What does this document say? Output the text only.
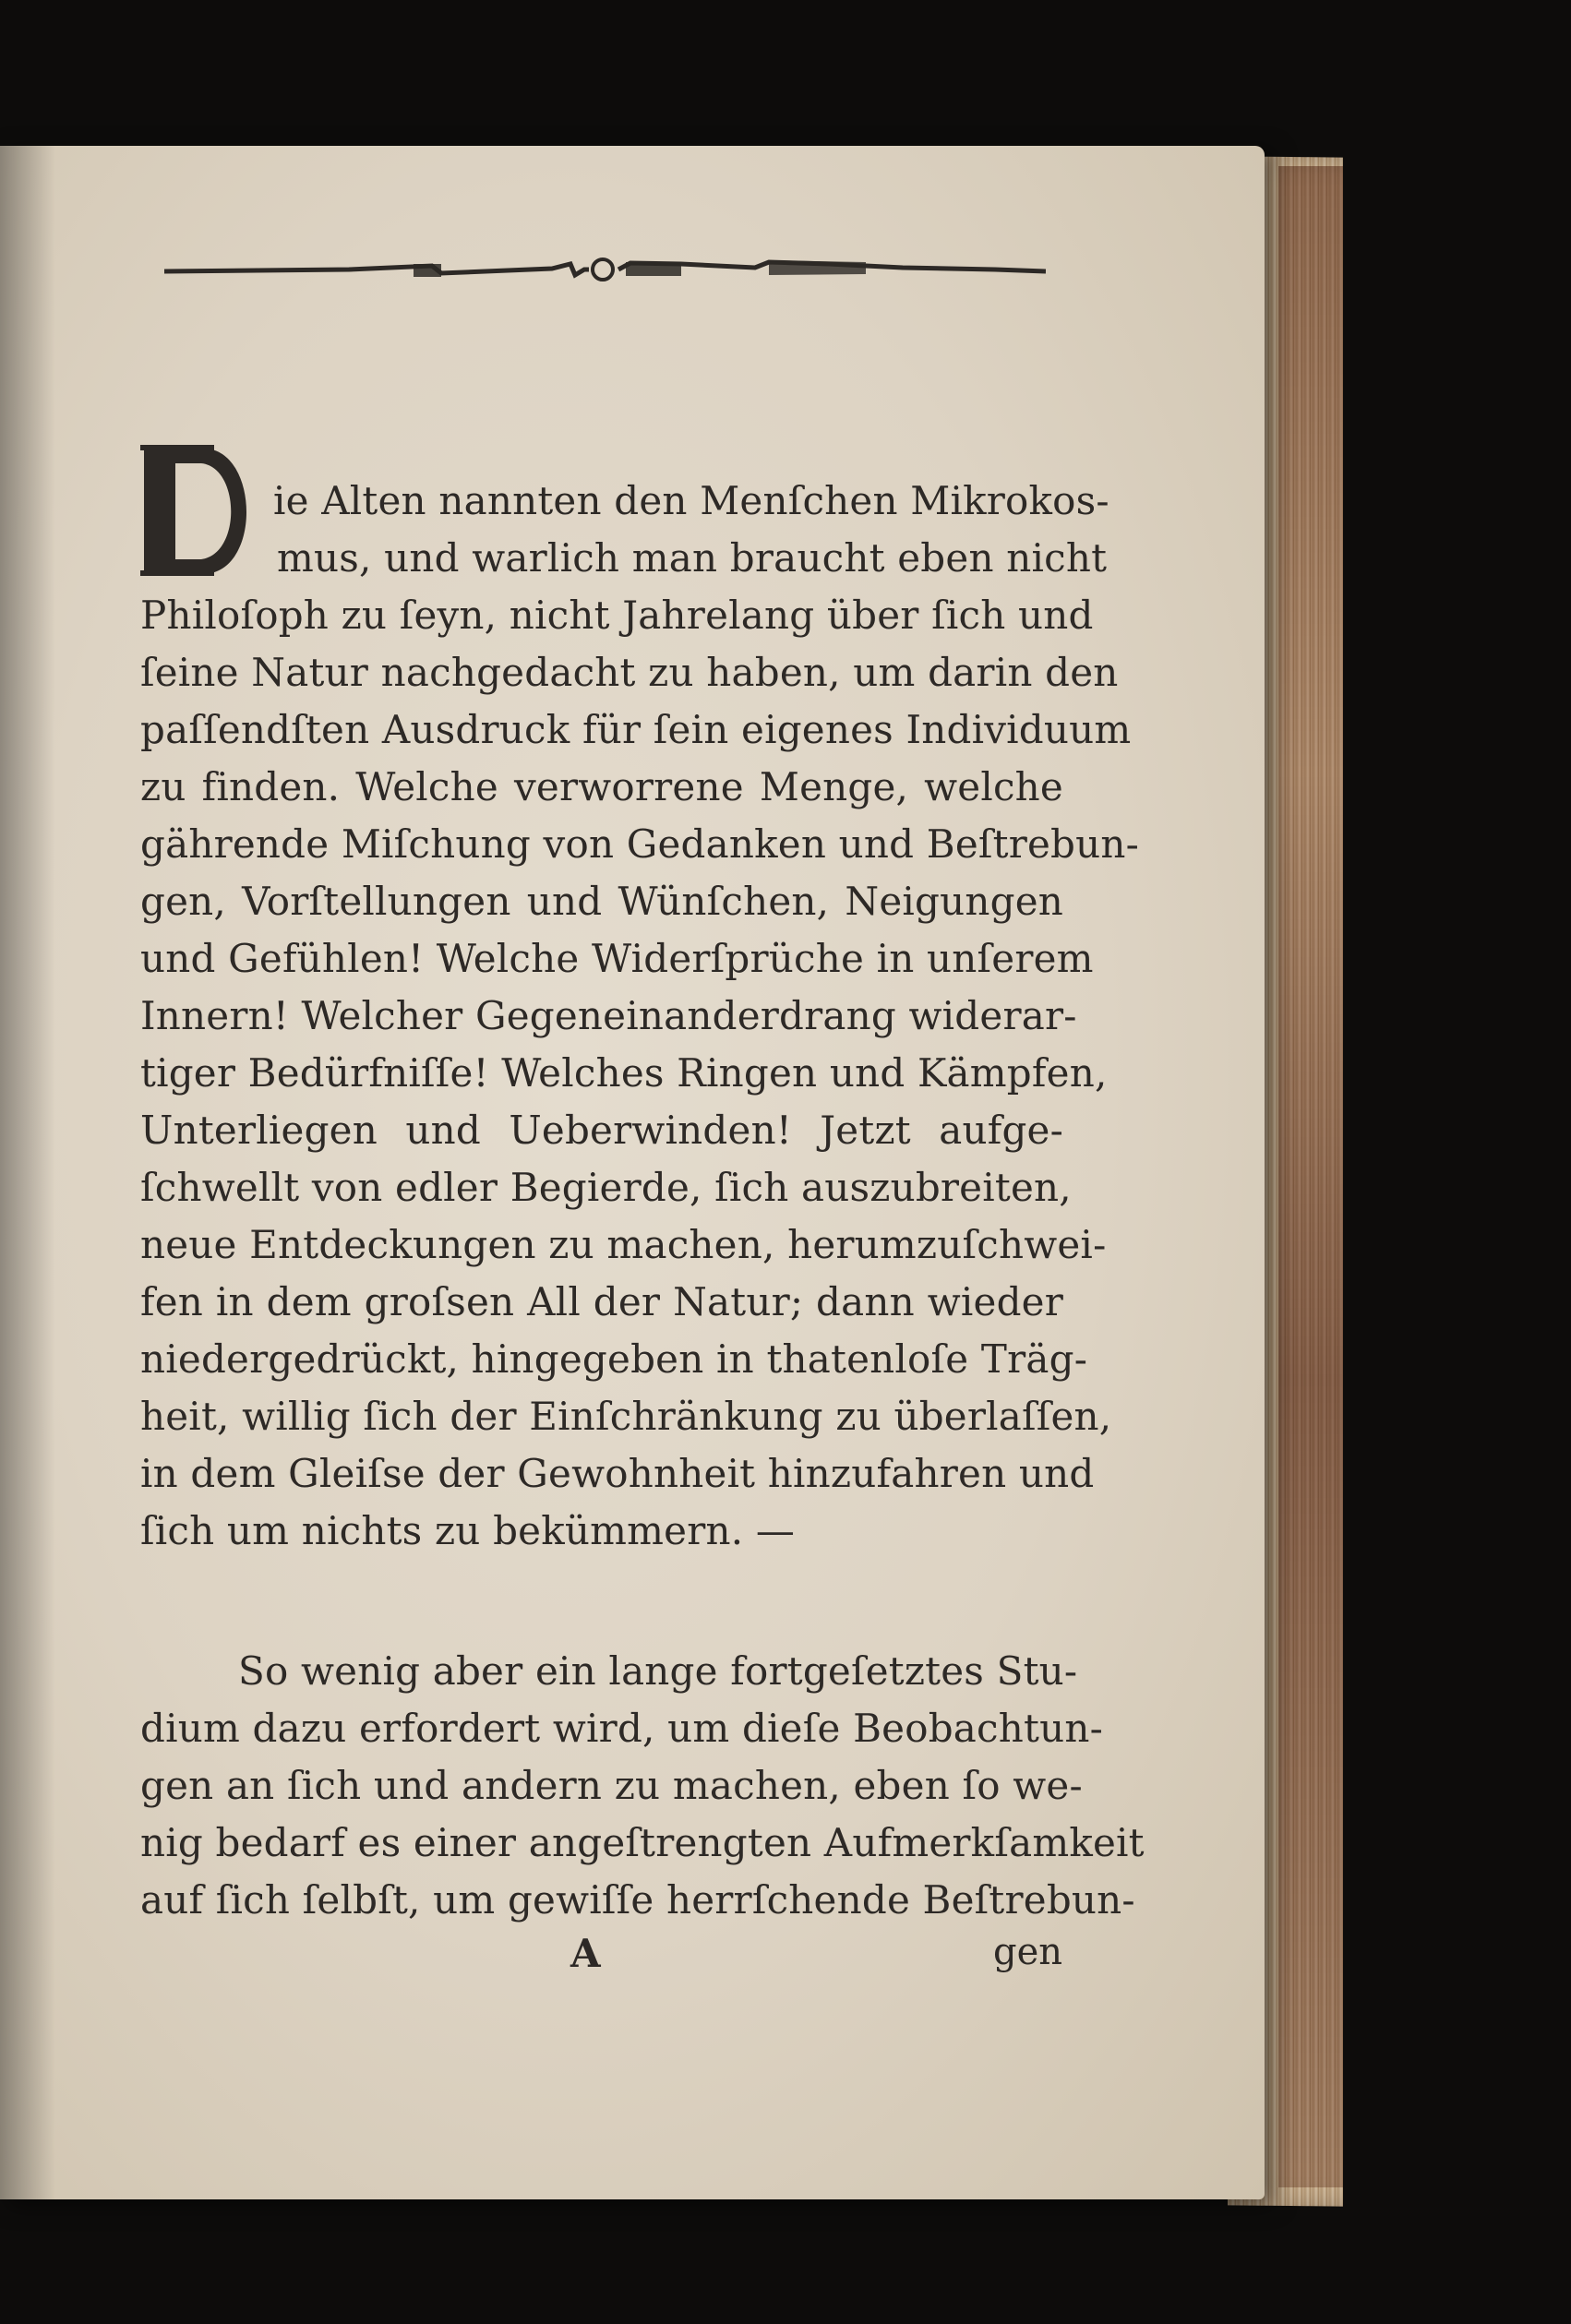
ie Alten nannten den Menſchen Mikrokos-
mus, und warlich man braucht eben nicht
Philoſoph zu ſeyn, nicht Jahrelang über ſich und
ſeine Natur nachgedacht zu haben, um darin den
paſſendſten Ausdruck für ſein eigenes Individuum
zu finden. Welche verworrene Menge, welche
gährende Miſchung von Gedanken und Beſtrebun-
gen, Vorſtellungen und Wünſchen, Neigungen
und Gefühlen! Welche Widerſprüche in unſerem
Innern! Welcher Gegeneinanderdrang widerar-
tiger Bedürfniſſe! Welches Ringen und Kämpfen,
Unterliegen und Ueberwinden! Jetzt aufge-
ſchwellt von edler Begierde, ſich auszubreiten,
neue Entdeckungen zu machen, herumzuſchwei-
fen in dem groſsen All der Natur; dann wieder
niedergedrückt, hingegeben in thatenloſe Träg-
heit, willig ſich der Einſchränkung zu überlaſſen,
in dem Gleiſse der Gewohnheit hinzufahren und
ſich um nichts zu bekümmern. —
So wenig aber ein lange fortgeſetztes Stu-
dium dazu erfordert wird, um dieſe Beobachtun-
gen an ſich und andern zu machen, eben ſo we-
nig bedarf es einer angeſtrengten Aufmerkſamkeit
auf ſich ſelbſt, um gewiſſe herrſchende Beſtrebun-
A	gen
